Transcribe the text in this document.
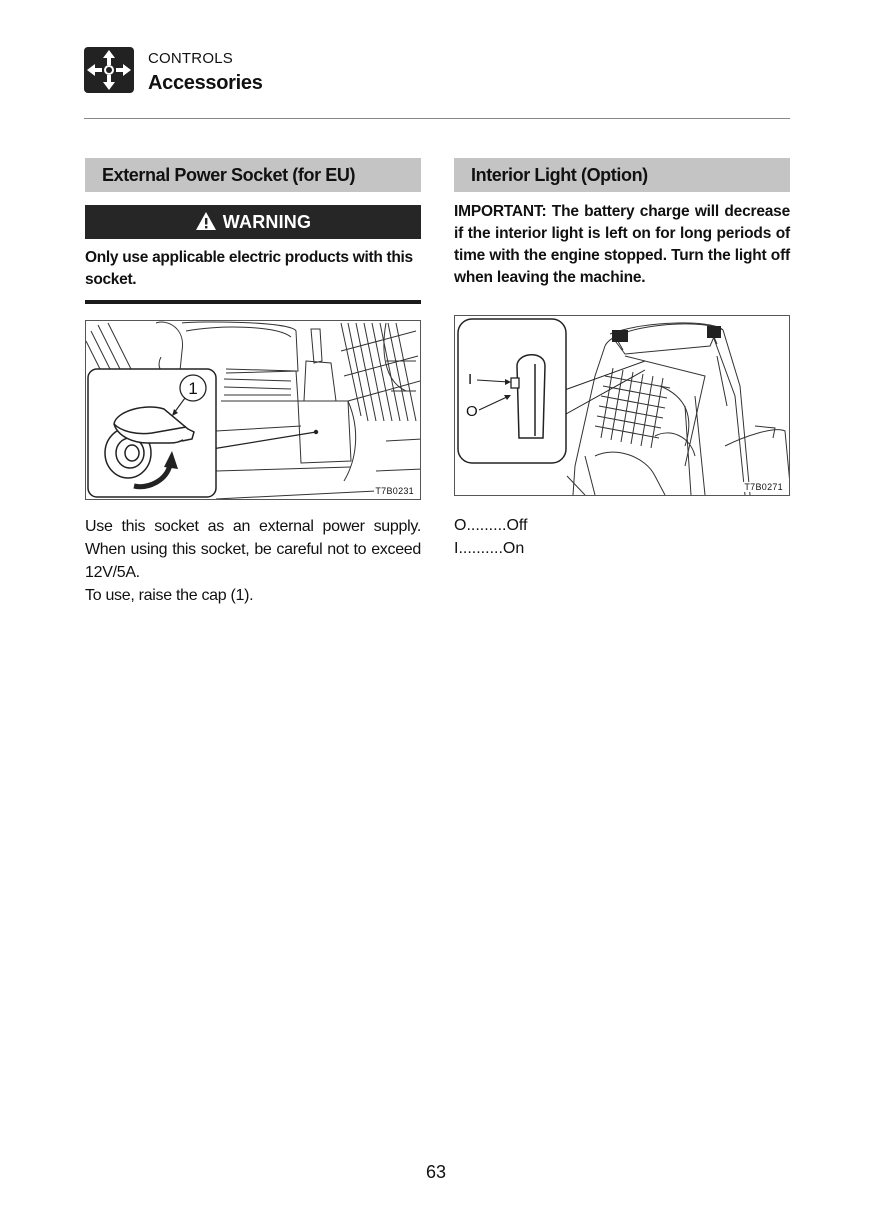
CONTROLS
Accessories
External Power Socket (for EU)
WARNING
Only use applicable electric products with this socket.
1
T7B0231
Use this socket as an external power supply. When using this socket, be careful not to exceed 12V/5A.
To use, raise the cap (1).
Interior Light (Option)
IMPORTANT: The battery charge will decrease if the interior light is left on for long periods of time with the engine stopped. Turn the light off when leaving the machine.
I
O
T7B0271
O.........Off
I..........On
63
